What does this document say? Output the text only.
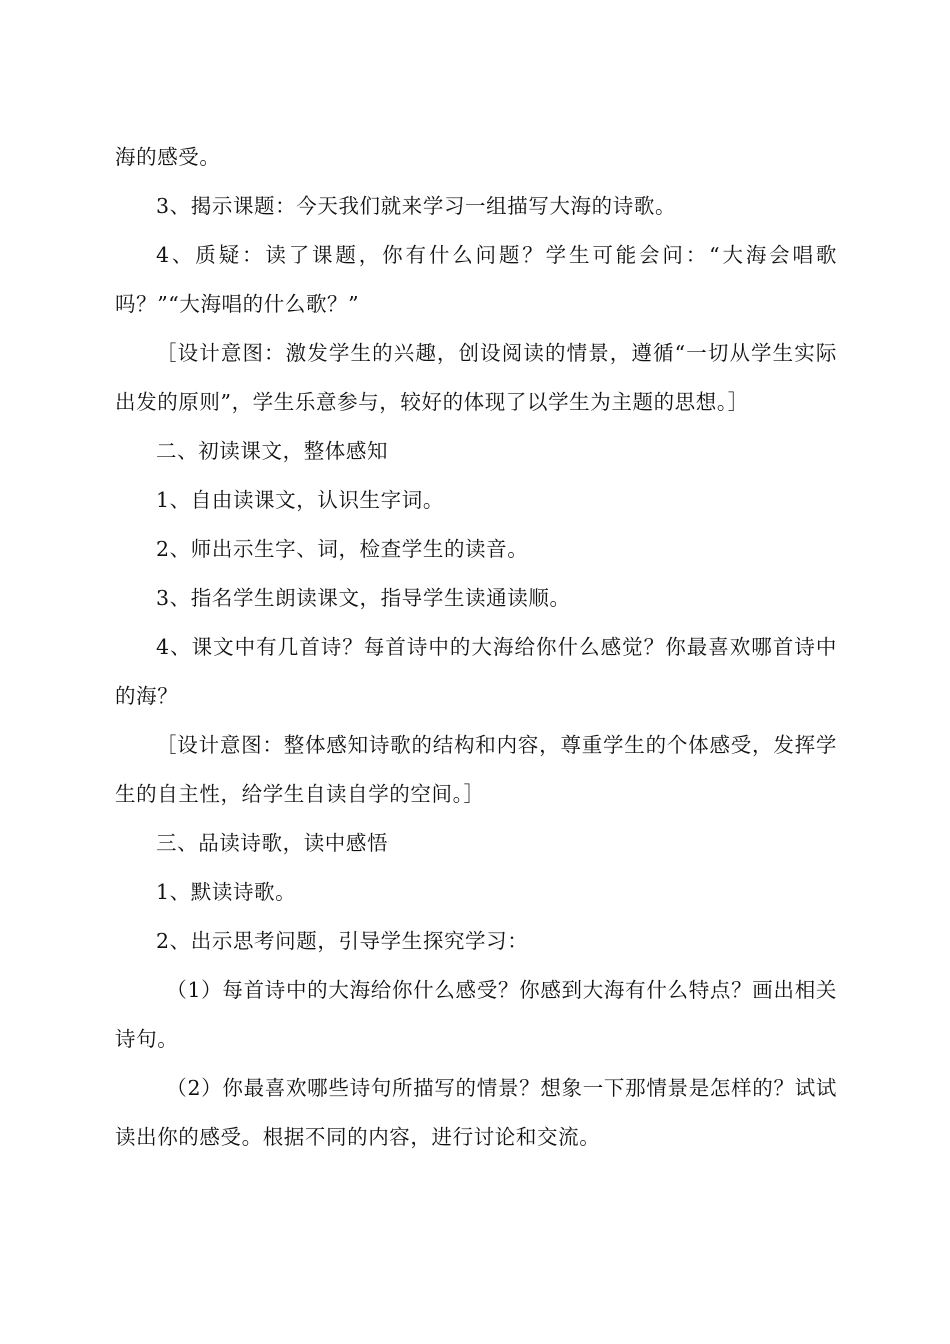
海的感受。

3、揭示课题：今天我们就来学习一组描写大海的诗歌。

4、质疑：读了课题，你有什么问题？学生可能会问：“大海会唱歌吗？”“大海唱的什么歌？”

［设计意图：激发学生的兴趣，创设阅读的情景，遵循“一切从学生实际出发的原则”，学生乐意参与，较好的体现了以学生为主题的思想。］

二、初读课文，整体感知

1、自由读课文，认识生字词。

2、师出示生字、词，检查学生的读音。

3、指名学生朗读课文，指导学生读通读顺。

4、课文中有几首诗？每首诗中的大海给你什么感觉？你最喜欢哪首诗中的海？

［设计意图：整体感知诗歌的结构和内容，尊重学生的个体感受，发挥学生的自主性，给学生自读自学的空间。］

三、品读诗歌，读中感悟

1、默读诗歌。

2、出示思考问题，引导学生探究学习：

（1）每首诗中的大海给你什么感受？你感到大海有什么特点？画出相关诗句。

（2）你最喜欢哪些诗句所描写的情景？想象一下那情景是怎样的？试试读出你的感受。根据不同的内容，进行讨论和交流。
